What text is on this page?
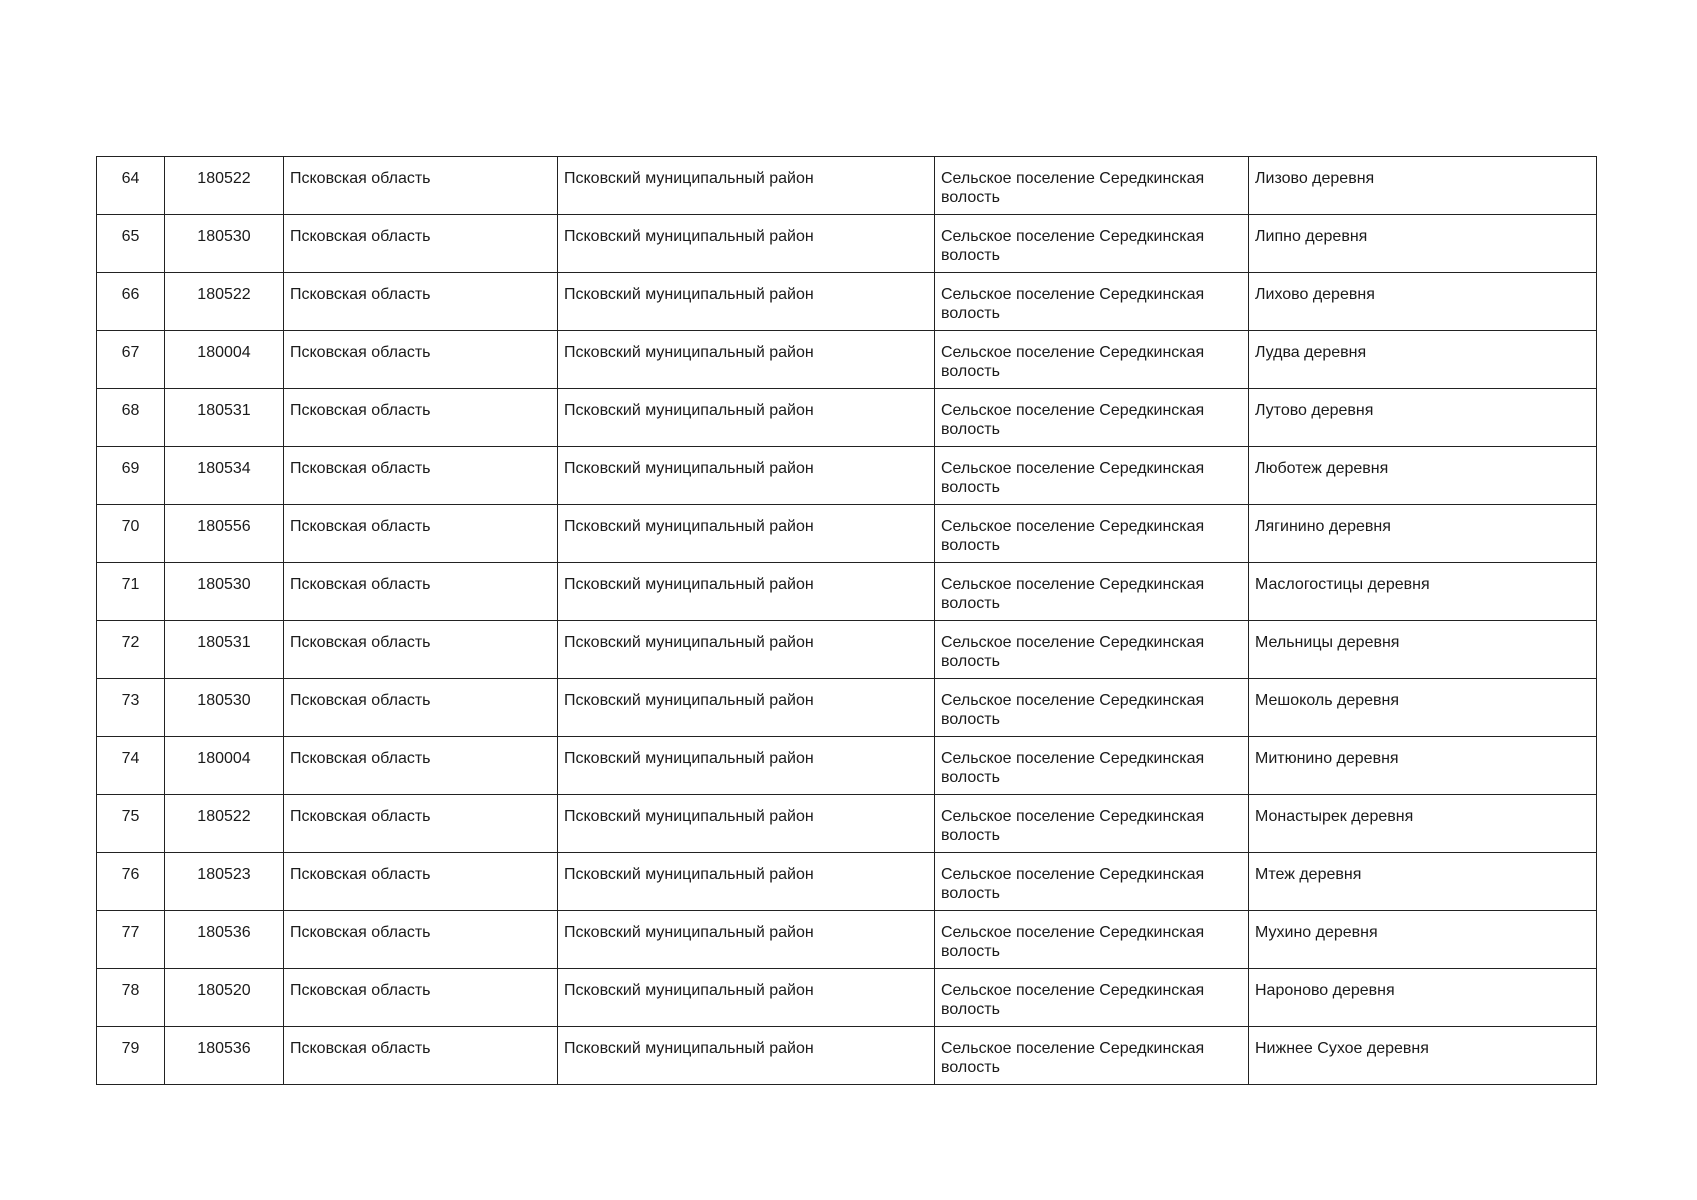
64	180522	Псковская область	Псковский муниципальный район	Сельское поселение Середкинская волость	Лизово деревня
65	180530	Псковская область	Псковский муниципальный район	Сельское поселение Середкинская волость	Липно деревня
66	180522	Псковская область	Псковский муниципальный район	Сельское поселение Середкинская волость	Лихово деревня
67	180004	Псковская область	Псковский муниципальный район	Сельское поселение Середкинская волость	Лудва деревня
68	180531	Псковская область	Псковский муниципальный район	Сельское поселение Середкинская волость	Лутово деревня
69	180534	Псковская область	Псковский муниципальный район	Сельское поселение Середкинская волость	Люботеж деревня
70	180556	Псковская область	Псковский муниципальный район	Сельское поселение Середкинская волость	Лягинино деревня
71	180530	Псковская область	Псковский муниципальный район	Сельское поселение Середкинская волость	Маслогостицы деревня
72	180531	Псковская область	Псковский муниципальный район	Сельское поселение Середкинская волость	Мельницы деревня
73	180530	Псковская область	Псковский муниципальный район	Сельское поселение Середкинская волость	Мешоколь деревня
74	180004	Псковская область	Псковский муниципальный район	Сельское поселение Середкинская волость	Митюнино деревня
75	180522	Псковская область	Псковский муниципальный район	Сельское поселение Середкинская волость	Монастырек деревня
76	180523	Псковская область	Псковский муниципальный район	Сельское поселение Середкинская волость	Мтеж деревня
77	180536	Псковская область	Псковский муниципальный район	Сельское поселение Середкинская волость	Мухино деревня
78	180520	Псковская область	Псковский муниципальный район	Сельское поселение Середкинская волость	Нароново деревня
79	180536	Псковская область	Псковский муниципальный район	Сельское поселение Середкинская волость	Нижнее Сухое деревня
